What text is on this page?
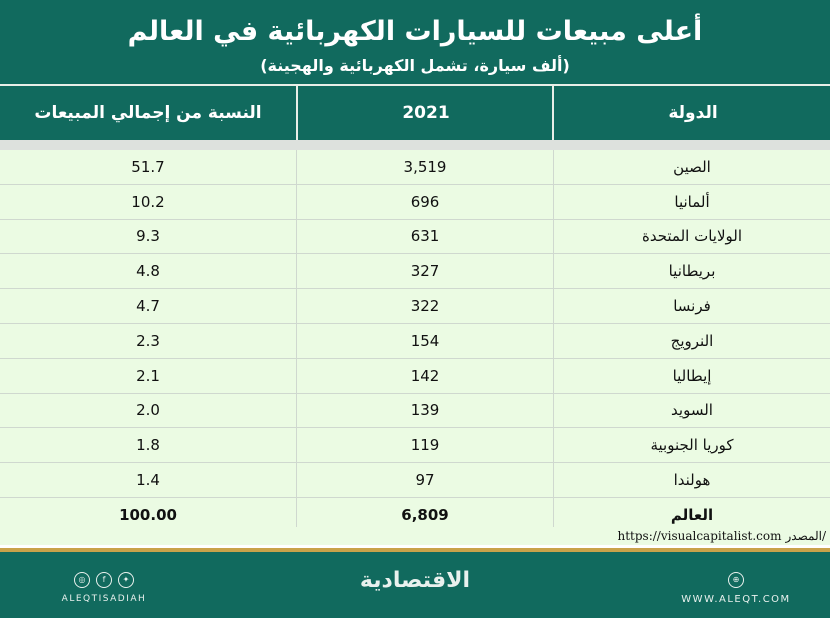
أعلى مبيعات للسيارات الكهربائية في العالم
(ألف سيارة، تشمل الكهربائية والهجينة)
النسبة من إجمالي المبيعات	2021	الدولة
51.7	3,519	الصين
10.2	696	ألمانيا
9.3	631	الولايات المتحدة
4.8	327	بريطانيا
4.7	322	فرنسا
2.3	154	النرويج
2.1	142	إيطاليا
2.0	139	السويد
1.8	119	كوريا الجنوبية
1.4	97	هولندا
100.00	6,809	العالم
https://visualcapitalist.com المصدر/
◎	f	✦
ALEQTISADIAH
الاقتصادية	⊕
WWW.ALEQT.COM
